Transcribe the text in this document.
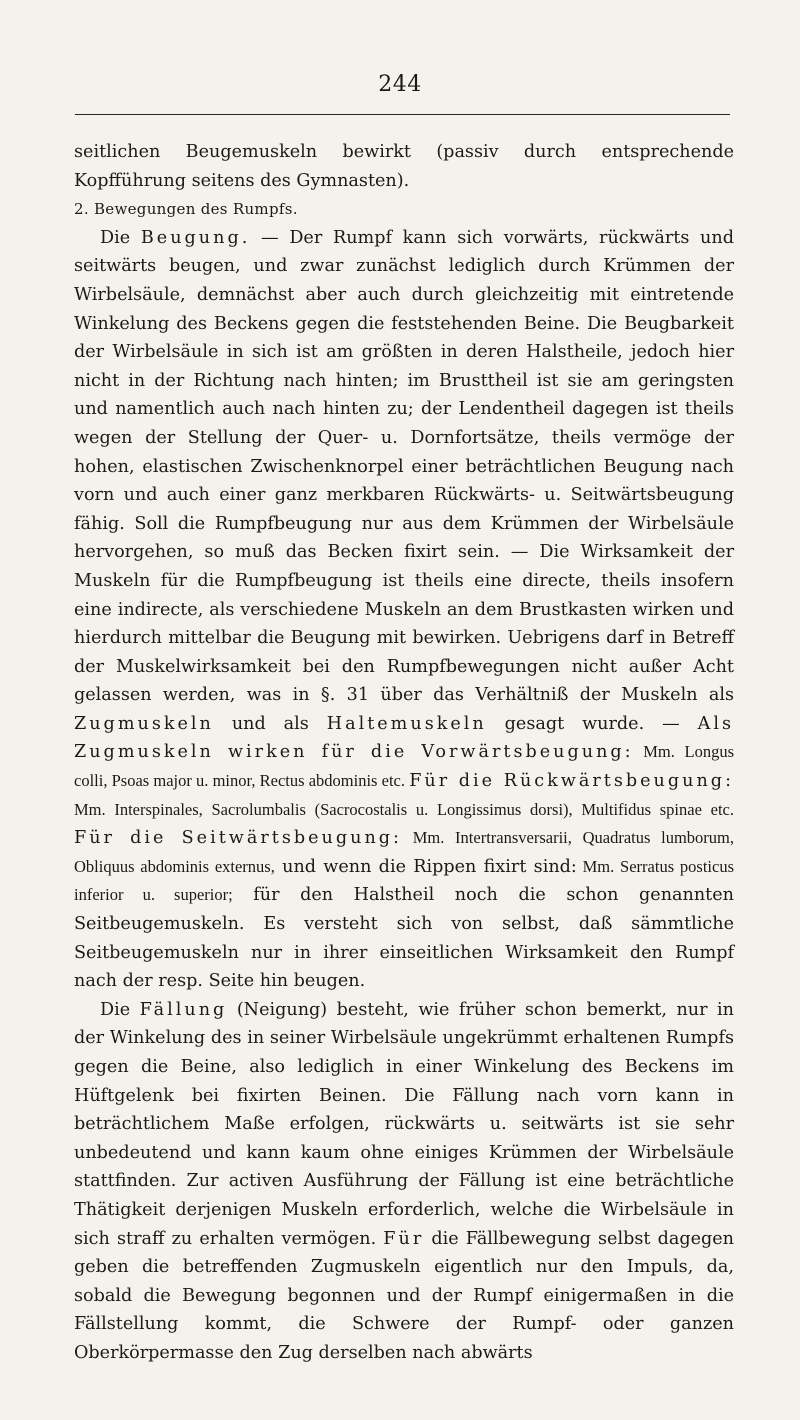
244

seitlichen Beugemuskeln bewirkt (passiv durch entsprechende Kopfführung seitens des Gymnasten).

2. Bewegungen des Rumpfs.

Die Beugung. — Der Rumpf kann sich vorwärts, rückwärts und seitwärts beugen, und zwar zunächst lediglich durch Krümmen der Wirbelsäule, demnächst aber auch durch gleichzeitig mit eintretende Winkelung des Beckens gegen die feststehenden Beine. Die Beugbarkeit der Wirbelsäule in sich ist am größten in deren Halstheile, jedoch hier nicht in der Richtung nach hinten; im Brusttheil ist sie am geringsten und namentlich auch nach hinten zu; der Lendentheil dagegen ist theils wegen der Stellung der Quer- u. Dornfortsätze, theils vermöge der hohen, elastischen Zwischenknorpel einer beträchtlichen Beugung nach vorn und auch einer ganz merkbaren Rückwärts- u. Seitwärtsbeugung fähig. Soll die Rumpfbeugung nur aus dem Krümmen der Wirbelsäule hervorgehen, so muß das Becken fixirt sein. — Die Wirksamkeit der Muskeln für die Rumpfbeugung ist theils eine directe, theils insofern eine indirecte, als verschiedene Muskeln an dem Brustkasten wirken und hierdurch mittelbar die Beugung mit bewirken. Uebrigens darf in Betreff der Muskelwirksamkeit bei den Rumpfbewegungen nicht außer Acht gelassen werden, was in §. 31 über das Verhältniß der Muskeln als Zugmuskeln und als Haltemuskeln gesagt wurde. — Als Zugmuskeln wirken für die Vorwärtsbeugung: Mm. Longus colli, Psoas major u. minor, Rectus abdominis etc. Für die Rückwärtsbeugung: Mm. Interspinales, Sacrolumbalis (Sacrocostalis u. Longissimus dorsi), Multifidus spinae etc. Für die Seitwärtsbeugung: Mm. Intertransversarii, Quadratus lumborum, Obliquus abdominis externus, und wenn die Rippen fixirt sind: Mm. Serratus posticus inferior u. superior; für den Halstheil noch die schon genannten Seitbeugemuskeln. Es versteht sich von selbst, daß sämmtliche Seitbeugemuskeln nur in ihrer einseitlichen Wirksamkeit den Rumpf nach der resp. Seite hin beugen.

Die Fällung (Neigung) besteht, wie früher schon bemerkt, nur in der Winkelung des in seiner Wirbelsäule ungekrümmt erhaltenen Rumpfs gegen die Beine, also lediglich in einer Winkelung des Beckens im Hüftgelenk bei fixirten Beinen. Die Fällung nach vorn kann in beträchtlichem Maße erfolgen, rückwärts u. seitwärts ist sie sehr unbedeutend und kann kaum ohne einiges Krümmen der Wirbelsäule stattfinden. Zur activen Ausführung der Fällung ist eine beträchtliche Thätigkeit derjenigen Muskeln erforderlich, welche die Wirbelsäule in sich straff zu erhalten vermögen. Für die Fällbewegung selbst dagegen geben die betreffenden Zugmuskeln eigentlich nur den Impuls, da, sobald die Bewegung begonnen und der Rumpf einigermaßen in die Fällstellung kommt, die Schwere der Rumpf- oder ganzen Oberkörpermasse den Zug derselben nach abwärts
